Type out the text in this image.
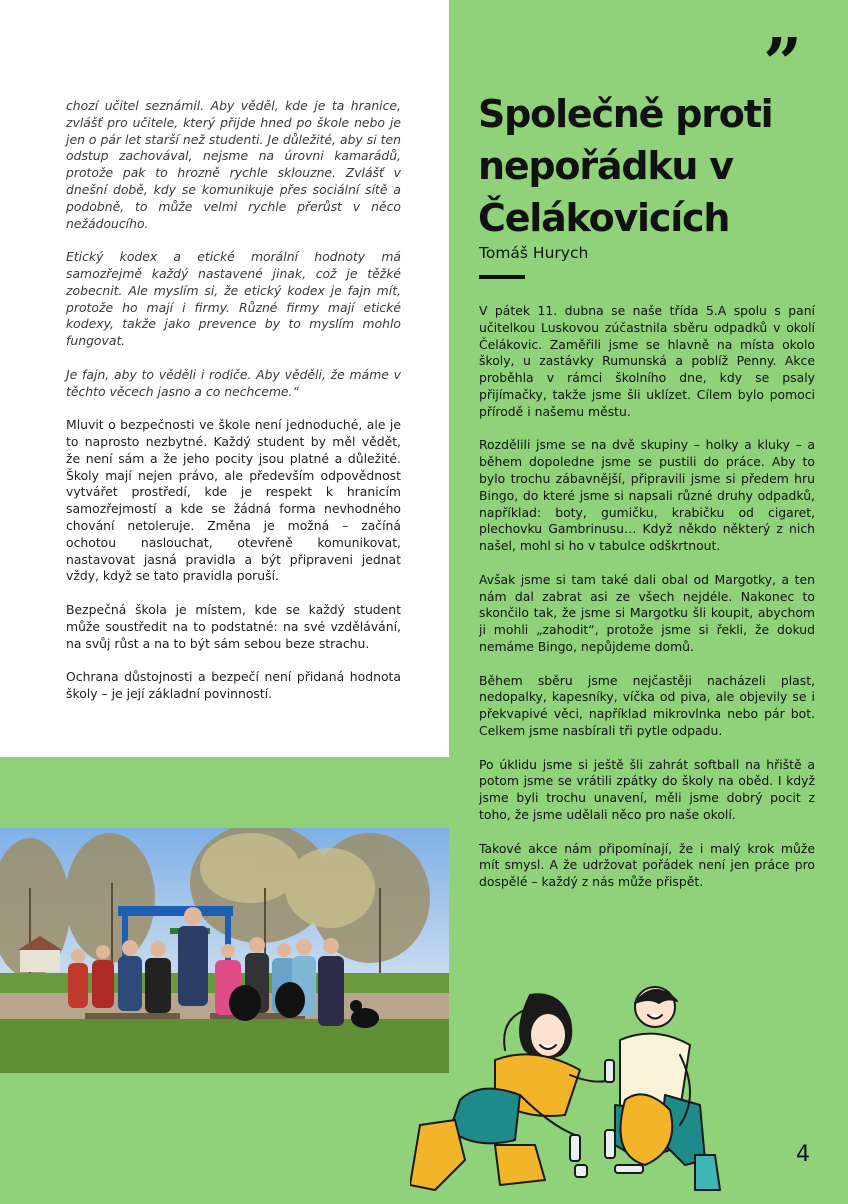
chozí učitel seznámil. Aby věděl, kde je ta hranice, zvlášť pro učitele, který přijde hned po škole nebo je jen o pár let starší než studenti. Je důležité, aby si ten odstup zachovával, nejsme na úrovni kamarádů, protože pak to hrozně rychle sklouzne. Zvlášť v dnešní době, kdy se komunikuje přes sociální sítě a podobně, to může velmi rychle přerůst v něco nežádoucího.

Etický kodex a etické morální hodnoty má samozřejmě každý nastavené jinak, což je těžké zobecnit. Ale myslím si, že etický kodex je fajn mít, protože ho mají i firmy. Různé firmy mají etické kodexy, takže jako prevence by to myslím mohlo fungovat.

Je fajn, aby to věděli i rodiče. Aby věděli, že máme v těchto věcech jasno a co nechceme.“

Mluvit o bezpečnosti ve škole není jednoduché, ale je to naprosto nezbytné. Každý student by měl vědět, že není sám a že jeho pocity jsou platné a důležité. Školy mají nejen právo, ale především odpovědnost vytvářet prostředí, kde je respekt k hranicím samozřejmostí a kde se žádná forma nevhodného chování netoleruje. Změna je možná – začíná ochotou naslouchat, otevřeně komunikovat, nastavovat jasná pravidla a být připraveni jednat vždy, když se tato pravidla poruší.

Bezpečná škola je místem, kde se každý student může soustředit na to podstatné: na své vzdělávání, na svůj růst a na to být sám sebou beze strachu.

Ochrana důstojnosti a bezpečí není přidaná hodnota školy – je její základní povinností.

”
Společně proti nepořádku v Čelákovicích
Tomáš Hurych

V pátek 11. dubna se naše třída 5.A spolu s paní učitelkou Luskovou zúčastnila sběru odpadků v okolí Čelákovic. Zaměřili jsme se hlavně na místa okolo školy, u zastávky Rumunská a poblíž Penny. Akce proběhla v rámci školního dne, kdy se psaly přijímačky, takže jsme šli uklízet. Cílem bylo pomoci přírodě i našemu městu.

Rozdělili jsme se na dvě skupiny – holky a kluky – a během dopoledne jsme se pustili do práce. Aby to bylo trochu zábavnější, připravili jsme si předem hru Bingo, do které jsme si napsali různé druhy odpadků, například: boty, gumičku, krabičku od cigaret, plechovku Gambrinusu… Když někdo některý z nich našel, mohl si ho v tabulce odškrtnout.

Avšak jsme si tam také dali obal od Margotky, a ten nám dal zabrat asi ze všech nejdéle. Nakonec to skončilo tak, že jsme si Margotku šli koupit, abychom ji mohli „zahodit“, protože jsme si řekli, že dokud nemáme Bingo, nepůjdeme domů.

Během sběru jsme nejčastěji nacházeli plast, nedopalky, kapesníky, víčka od piva, ale objevily se i překvapivé věci, například mikrovlnka nebo pár bot. Celkem jsme nasbírali tři pytle odpadu.

Po úklidu jsme si ještě šli zahrát softball na hřiště a potom jsme se vrátili zpátky do školy na oběd. I když jsme byli trochu unavení, měli jsme dobrý pocit z toho, že jsme udělali něco pro naše okolí.

Takové akce nám připomínají, že i malý krok může mít smysl. A že udržovat pořádek není jen práce pro dospělé – každý z nás může přispět.

4
